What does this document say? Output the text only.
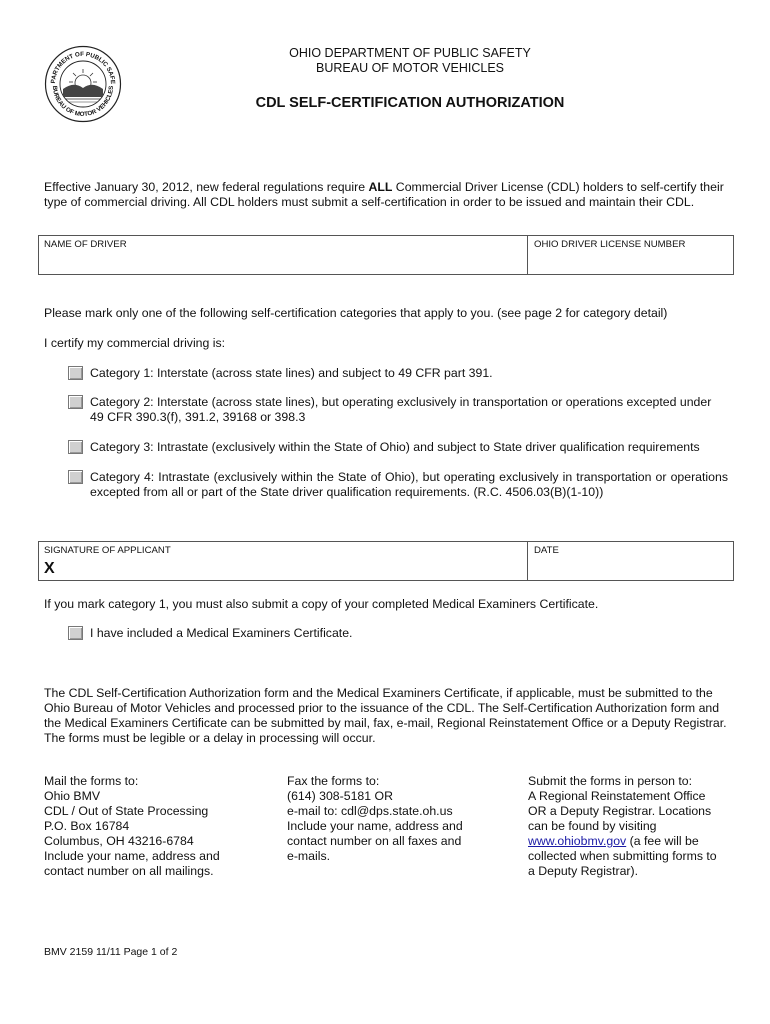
PARTMENT OF PUBLIC SAFE
BUREAU OF MOTOR VEHICLES
OHIO DEPARTMENT OF PUBLIC SAFETY
BUREAU OF MOTOR VEHICLES
CDL SELF-CERTIFICATION AUTHORIZATION
Effective January 30, 2012, new federal regulations require ALL Commercial Driver License (CDL) holders to self-certify their type of commercial driving. All CDL holders must submit a self-certification in order to be issued and maintain their CDL.
NAME OF DRIVER	OHIO DRIVER LICENSE NUMBER
Please mark only one of the following self-certification categories that apply to you. (see page 2 for category detail)
I certify my commercial driving is:
Category 1: Interstate (across state lines) and subject to 49 CFR part 391.
Category 2: Interstate (across state lines), but operating exclusively in transportation or operations excepted under 49 CFR 390.3(f), 391.2, 39168 or 398.3
Category 3: Intrastate (exclusively within the State of Ohio) and subject to State driver qualification requirements
Category 4: Intrastate (exclusively within the State of Ohio), but operating exclusively in transportation or operations excepted from all or part of the State driver qualification requirements. (R.C. 4506.03(B)(1-10))
SIGNATURE OF APPLICANT	DATE
X
If you mark category 1, you must also submit a copy of your completed Medical Examiners Certificate.
I have included a Medical Examiners Certificate.
The CDL Self-Certification Authorization form and the Medical Examiners Certificate, if applicable, must be submitted to the Ohio Bureau of Motor Vehicles and processed prior to the issuance of the CDL. The Self-Certification Authorization form and the Medical Examiners Certificate can be submitted by mail, fax, e-mail, Regional Reinstatement Office or a Deputy Registrar. The forms must be legible or a delay in processing will occur.
Mail the forms to:
Ohio BMV
CDL / Out of State Processing
P.O. Box 16784
Columbus, OH 43216-6784
Include your name, address and
contact number on all mailings.
Fax the forms to:
(614) 308-5181 OR
e-mail to: cdl@dps.state.oh.us
Include your name, address and
contact number on all faxes and
e-mails.
Submit the forms in person to:
A Regional Reinstatement Office
OR a Deputy Registrar. Locations
can be found by visiting
www.ohiobmv.gov (a fee will be
collected when submitting forms to
a Deputy Registrar).
BMV 2159 11/11 Page 1 of 2
